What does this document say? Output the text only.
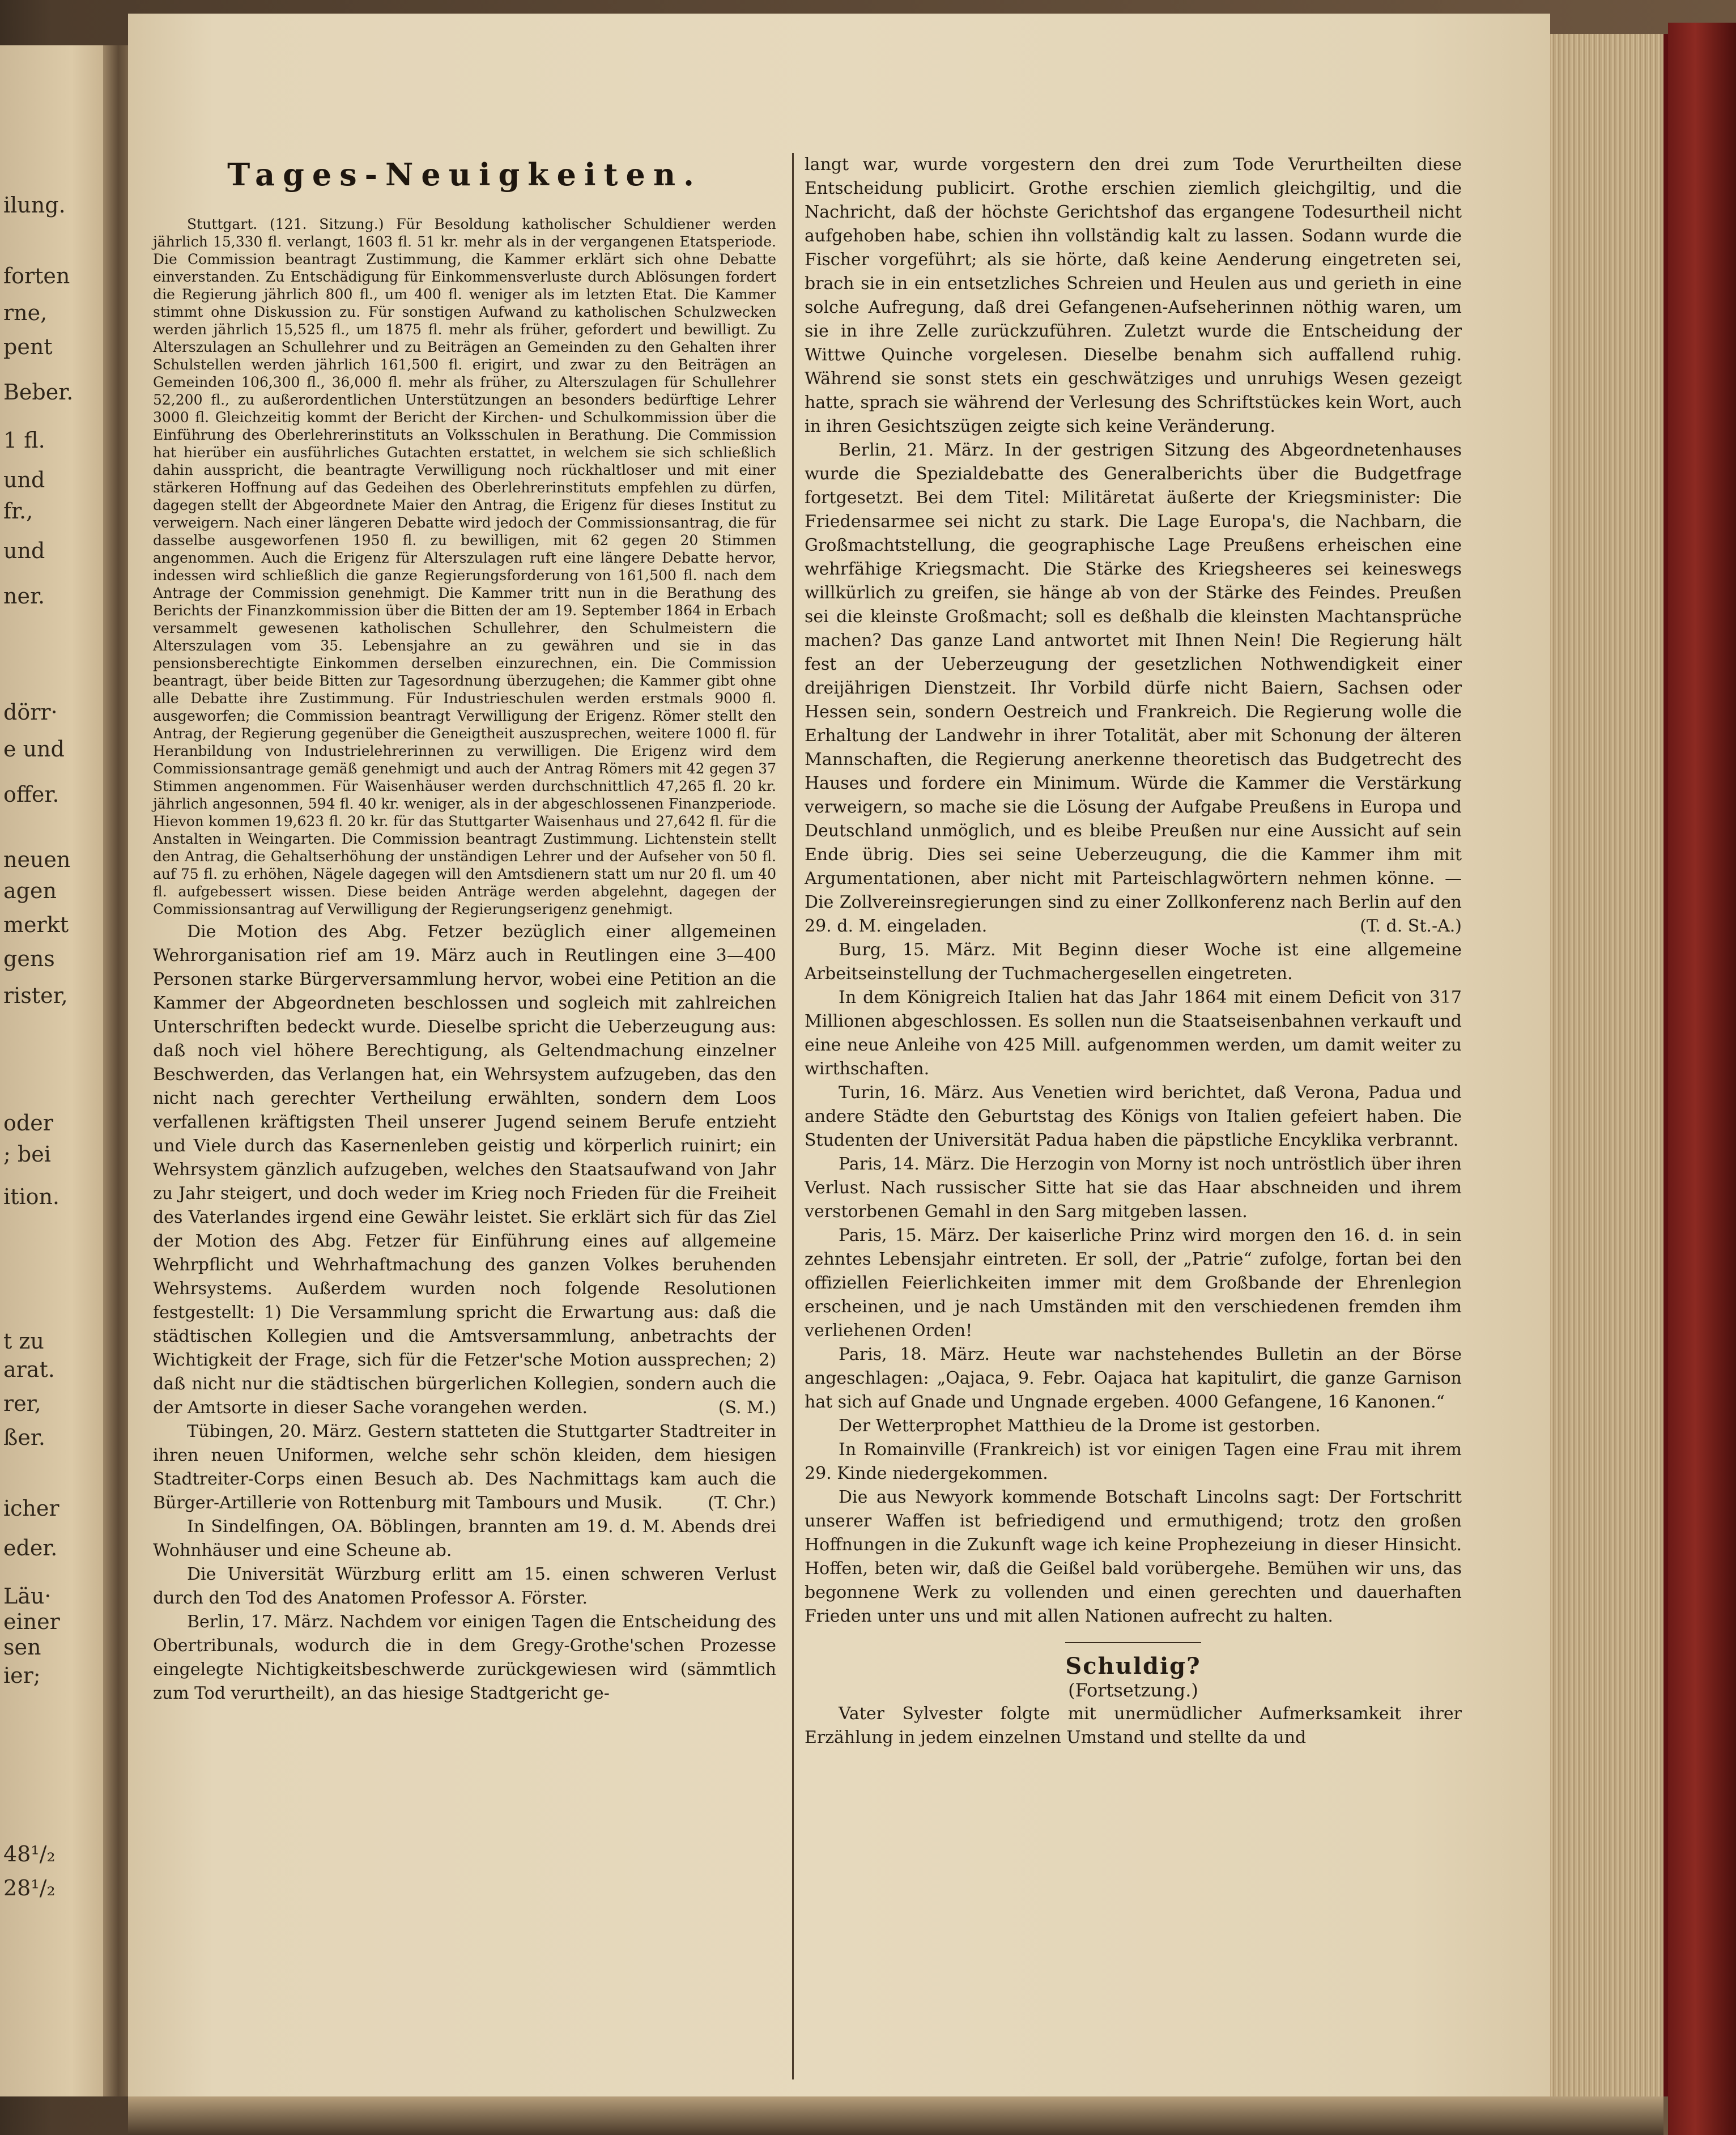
ilung.
forten
rne,
pent
Beber.
1 fl.
und
fr.,
und
ner.
dörr·
e und
offer.
neuen
agen
merkt
gens
rister,
oder
; bei
ition.
t zu
arat.
rer,
ßer.
icher
eder.
Läu·
einer
sen
ier;
48¹/₂
28¹/₂
Tages-Neuigkeiten.

Stuttgart. (121. Sitzung.) Für Besoldung katholischer Schuldiener werden jährlich 15,330 fl. verlangt, 1603 fl. 51 kr. mehr als in der vergangenen Etatsperiode. Die Commission beantragt Zustimmung, die Kammer erklärt sich ohne Debatte einverstanden. Zu Entschädigung für Einkommensverluste durch Ablösungen fordert die Regierung jährlich 800 fl., um 400 fl. weniger als im letzten Etat. Die Kammer stimmt ohne Diskussion zu. Für sonstigen Aufwand zu katholischen Schulzwecken werden jährlich 15,525 fl., um 1875 fl. mehr als früher, gefordert und bewilligt. Zu Alterszulagen an Schullehrer und zu Beiträgen an Gemeinden zu den Gehalten ihrer Schulstellen werden jährlich 161,500 fl. erigirt, und zwar zu den Beiträgen an Gemeinden 106,300 fl., 36,000 fl. mehr als früher, zu Alterszulagen für Schullehrer 52,200 fl., zu außerordentlichen Unterstützungen an besonders bedürftige Lehrer 3000 fl. Gleichzeitig kommt der Bericht der Kirchen- und Schulkommission über die Einführung des Oberlehrerinstituts an Volksschulen in Berathung. Die Commission hat hierüber ein ausführliches Gutachten erstattet, in welchem sie sich schließlich dahin ausspricht, die beantragte Verwilligung noch rückhaltloser und mit einer stärkeren Hoffnung auf das Gedeihen des Oberlehrerinstituts empfehlen zu dürfen, dagegen stellt der Abgeordnete Maier den Antrag, die Erigenz für dieses Institut zu verweigern. Nach einer längeren Debatte wird jedoch der Commissionsantrag, die für dasselbe ausgeworfenen 1950 fl. zu bewilligen, mit 62 gegen 20 Stimmen angenommen. Auch die Erigenz für Alterszulagen ruft eine längere Debatte hervor, indessen wird schließlich die ganze Regierungsforderung von 161,500 fl. nach dem Antrage der Commission genehmigt. Die Kammer tritt nun in die Berathung des Berichts der Finanzkommission über die Bitten der am 19. September 1864 in Erbach versammelt gewesenen katholischen Schullehrer, den Schulmeistern die Alterszulagen vom 35. Lebensjahre an zu gewähren und sie in das pensionsberechtigte Einkommen derselben einzurechnen, ein. Die Commission beantragt, über beide Bitten zur Tagesordnung überzugehen; die Kammer gibt ohne alle Debatte ihre Zustimmung. Für Industrieschulen werden erstmals 9000 fl. ausgeworfen; die Commission beantragt Verwilligung der Erigenz. Römer stellt den Antrag, der Regierung gegenüber die Geneigtheit auszusprechen, weitere 1000 fl. für Heranbildung von Industrielehrerinnen zu verwilligen. Die Erigenz wird dem Commissionsantrage gemäß genehmigt und auch der Antrag Römers mit 42 gegen 37 Stimmen angenommen. Für Waisenhäuser werden durchschnittlich 47,265 fl. 20 kr. jährlich angesonnen, 594 fl. 40 kr. weniger, als in der abgeschlossenen Finanzperiode. Hievon kommen 19,623 fl. 20 kr. für das Stuttgarter Waisenhaus und 27,642 fl. für die Anstalten in Weingarten. Die Commission beantragt Zustimmung. Lichtenstein stellt den Antrag, die Gehaltserhöhung der unständigen Lehrer und der Aufseher von 50 fl. auf 75 fl. zu erhöhen, Nägele dagegen will den Amtsdienern statt um nur 20 fl. um 40 fl. aufgebessert wissen. Diese beiden Anträge werden abgelehnt, dagegen der Commissionsantrag auf Verwilligung der Regierungserigenz genehmigt.

Die Motion des Abg. Fetzer bezüglich einer allgemeinen Wehrorganisation rief am 19. März auch in Reutlingen eine 3—400 Personen starke Bürgerversammlung hervor, wobei eine Petition an die Kammer der Abgeordneten beschlossen und sogleich mit zahlreichen Unterschriften bedeckt wurde. Dieselbe spricht die Ueberzeugung aus: daß noch viel höhere Berechtigung, als Geltendmachung einzelner Beschwerden, das Verlangen hat, ein Wehrsystem aufzugeben, das den nicht nach gerechter Vertheilung erwählten, sondern dem Loos verfallenen kräftigsten Theil unserer Jugend seinem Berufe entzieht und Viele durch das Kasernenleben geistig und körperlich ruinirt; ein Wehrsystem gänzlich aufzugeben, welches den Staatsaufwand von Jahr zu Jahr steigert, und doch weder im Krieg noch Frieden für die Freiheit des Vaterlandes irgend eine Gewähr leistet. Sie erklärt sich für das Ziel der Motion des Abg. Fetzer für Einführung eines auf allgemeine Wehrpflicht und Wehrhaftmachung des ganzen Volkes beruhenden Wehrsystems. Außerdem wurden noch folgende Resolutionen festgestellt: 1) Die Versammlung spricht die Erwartung aus: daß die städtischen Kollegien und die Amtsversammlung, anbetrachts der Wichtigkeit der Frage, sich für die Fetzer'sche Motion aussprechen; 2) daß nicht nur die städtischen bürgerlichen Kollegien, sondern auch die der Amtsorte in dieser Sache vorangehen werden.	(S. M.)

Tübingen, 20. März. Gestern statteten die Stuttgarter Stadtreiter in ihren neuen Uniformen, welche sehr schön kleiden, dem hiesigen Stadtreiter-Corps einen Besuch ab. Des Nachmittags kam auch die Bürger-Artillerie von Rottenburg mit Tambours und Musik.	(T. Chr.)

In Sindelfingen, OA. Böblingen, brannten am 19. d. M. Abends drei Wohnhäuser und eine Scheune ab.

Die Universität Würzburg erlitt am 15. einen schweren Verlust durch den Tod des Anatomen Professor A. Förster.

Berlin, 17. März. Nachdem vor einigen Tagen die Entscheidung des Obertribunals, wodurch die in dem Gregy-Grothe'schen Prozesse eingelegte Nichtigkeitsbeschwerde zurückgewiesen wird (sämmtlich zum Tod verurtheilt), an das hiesige Stadtgericht ge-

langt war, wurde vorgestern den drei zum Tode Verurtheilten diese Entscheidung publicirt. Grothe erschien ziemlich gleichgiltig, und die Nachricht, daß der höchste Gerichtshof das ergangene Todesurtheil nicht aufgehoben habe, schien ihn vollständig kalt zu lassen. Sodann wurde die Fischer vorgeführt; als sie hörte, daß keine Aenderung eingetreten sei, brach sie in ein entsetzliches Schreien und Heulen aus und gerieth in eine solche Aufregung, daß drei Gefangenen-Aufseherinnen nöthig waren, um sie in ihre Zelle zurückzuführen. Zuletzt wurde die Entscheidung der Wittwe Quinche vorgelesen. Dieselbe benahm sich auffallend ruhig. Während sie sonst stets ein geschwätziges und unruhigs Wesen gezeigt hatte, sprach sie während der Verlesung des Schriftstückes kein Wort, auch in ihren Gesichtszügen zeigte sich keine Veränderung.

Berlin, 21. März. In der gestrigen Sitzung des Abgeordnetenhauses wurde die Spezialdebatte des Generalberichts über die Budgetfrage fortgesetzt. Bei dem Titel: Militäretat äußerte der Kriegsminister: Die Friedensarmee sei nicht zu stark. Die Lage Europa's, die Nachbarn, die Großmachtstellung, die geographische Lage Preußens erheischen eine wehrfähige Kriegsmacht. Die Stärke des Kriegsheeres sei keineswegs willkürlich zu greifen, sie hänge ab von der Stärke des Feindes. Preußen sei die kleinste Großmacht; soll es deßhalb die kleinsten Machtansprüche machen? Das ganze Land antwortet mit Ihnen Nein! Die Regierung hält fest an der Ueberzeugung der gesetzlichen Nothwendigkeit einer dreijährigen Dienstzeit. Ihr Vorbild dürfe nicht Baiern, Sachsen oder Hessen sein, sondern Oestreich und Frankreich. Die Regierung wolle die Erhaltung der Landwehr in ihrer Totalität, aber mit Schonung der älteren Mannschaften, die Regierung anerkenne theoretisch das Budgetrecht des Hauses und fordere ein Minimum. Würde die Kammer die Verstärkung verweigern, so mache sie die Lösung der Aufgabe Preußens in Europa und Deutschland unmöglich, und es bleibe Preußen nur eine Aussicht auf sein Ende übrig. Dies sei seine Ueberzeugung, die die Kammer ihm mit Argumentationen, aber nicht mit Parteischlagwörtern nehmen könne. — Die Zollvereinsregierungen sind zu einer Zollkonferenz nach Berlin auf den 29. d. M. eingeladen.	(T. d. St.-A.)

Burg, 15. März. Mit Beginn dieser Woche ist eine allgemeine Arbeitseinstellung der Tuchmachergesellen eingetreten.

In dem Königreich Italien hat das Jahr 1864 mit einem Deficit von 317 Millionen abgeschlossen. Es sollen nun die Staatseisenbahnen verkauft und eine neue Anleihe von 425 Mill. aufgenommen werden, um damit weiter zu wirthschaften.

Turin, 16. März. Aus Venetien wird berichtet, daß Verona, Padua und andere Städte den Geburtstag des Königs von Italien gefeiert haben. Die Studenten der Universität Padua haben die päpstliche Encyklika verbrannt.

Paris, 14. März. Die Herzogin von Morny ist noch untröstlich über ihren Verlust. Nach russischer Sitte hat sie das Haar abschneiden und ihrem verstorbenen Gemahl in den Sarg mitgeben lassen.

Paris, 15. März. Der kaiserliche Prinz wird morgen den 16. d. in sein zehntes Lebensjahr eintreten. Er soll, der „Patrie“ zufolge, fortan bei den offiziellen Feierlichkeiten immer mit dem Großbande der Ehrenlegion erscheinen, und je nach Umständen mit den verschiedenen fremden ihm verliehenen Orden!

Paris, 18. März. Heute war nachstehendes Bulletin an der Börse angeschlagen: „Oajaca, 9. Febr. Oajaca hat kapitulirt, die ganze Garnison hat sich auf Gnade und Ungnade ergeben. 4000 Gefangene, 16 Kanonen.“

Der Wetterprophet Matthieu de la Drome ist gestorben.

In Romainville (Frankreich) ist vor einigen Tagen eine Frau mit ihrem 29. Kinde niedergekommen.

Die aus Newyork kommende Botschaft Lincolns sagt: Der Fortschritt unserer Waffen ist befriedigend und ermuthigend; trotz den großen Hoffnungen in die Zukunft wage ich keine Prophezeiung in dieser Hinsicht. Hoffen, beten wir, daß die Geißel bald vorübergehe. Bemühen wir uns, das begonnene Werk zu vollenden und einen gerechten und dauerhaften Frieden unter uns und mit allen Nationen aufrecht zu halten.

Schuldig?

(Fortsetzung.)

Vater Sylvester folgte mit unermüdlicher Aufmerksamkeit ihrer Erzählung in jedem einzelnen Umstand und stellte da und
